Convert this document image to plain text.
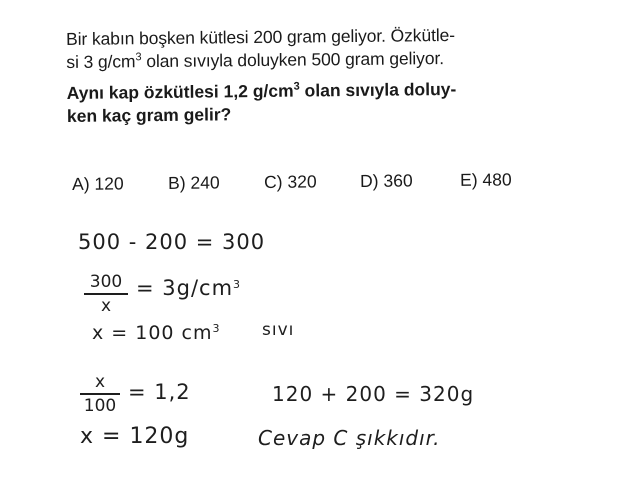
Bir kabın boşken kütlesi 200 gram geliyor. Özkütle-
si 3 $g/cm^3$ olan sıvıyla doluyken 500 gram geliyor.
Aynı kap özkütlesi 1,2 $g/cm^3$ olan sıvıyla doluy-
ken kaç gram gelir?
A) 120	B) 240	C) 320 D) 360	E) 480
500 - 200 = 300
300
x
= $3g/cm^3$
x = 100 $cm^3$ sıvı
x
100
= 1,2	120 + 200 = 320g
x = 120g	Cevap C şıkkıdır.
